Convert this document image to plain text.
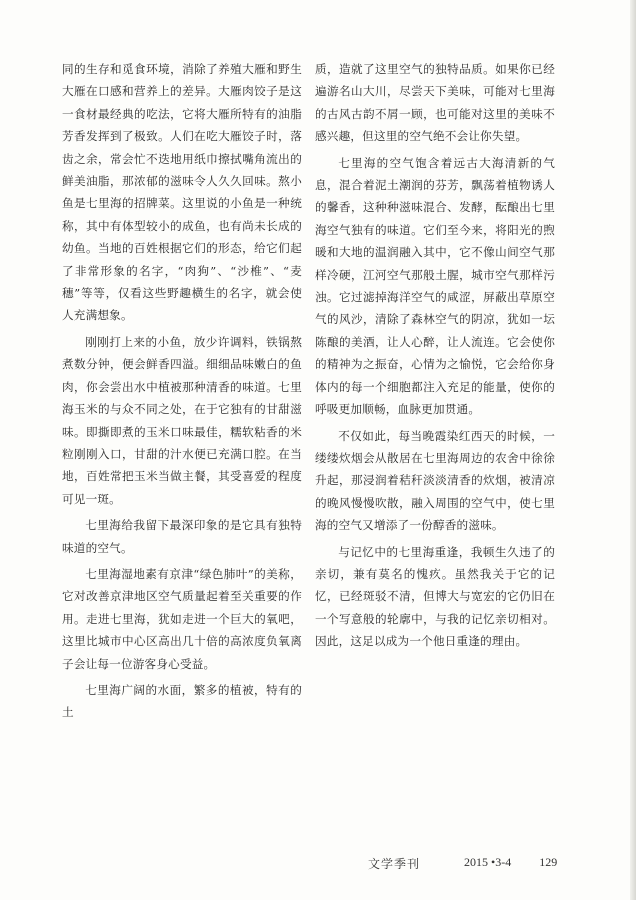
同的生存和觅食环境，消除了养殖大雁和野生大雁在口感和营养上的差异。大雁肉饺子是这一食材最经典的吃法，它将大雁所特有的油脂芳香发挥到了极致。人们在吃大雁饺子时，落齿之余，常会忙不迭地用纸巾擦拭嘴角流出的鲜美油脂，那浓郁的滋味令人久久回味。熬小鱼是七里海的招牌菜。这里说的小鱼是一种统称，其中有体型较小的成鱼，也有尚未长成的幼鱼。当地的百姓根据它们的形态，给它们起了非常形象的名字，“肉狗”、“沙椎”、“麦穗”等等，仅看这些野趣横生的名字，就会使人充满想象。

刚刚打上来的小鱼，放少许调料，铁锅熬煮数分钟，便会鲜香四溢。细细品味嫩白的鱼肉，你会尝出水中植被那种清香的味道。七里海玉米的与众不同之处，在于它独有的甘甜滋味。即撕即煮的玉米口味最佳，糯软粘香的米粒刚刚入口，甘甜的汁水便已充满口腔。在当地，百姓常把玉米当做主餐，其受喜爱的程度可见一斑。

七里海给我留下最深印象的是它具有独特味道的空气。

七里海湿地素有京津“绿色肺叶”的美称，它对改善京津地区空气质量起着至关重要的作用。走进七里海，犹如走进一个巨大的氧吧，这里比城市中心区高出几十倍的高浓度负氧离子会让每一位游客身心受益。

七里海广阔的水面，繁多的植被，特有的土

质，造就了这里空气的独特品质。如果你已经遍游名山大川，尽尝天下美味，可能对七里海的古风古韵不屑一顾，也可能对这里的美味不感兴趣，但这里的空气绝不会让你失望。

七里海的空气饱含着远古大海清新的气息，混合着泥土潮润的芬芳，飘荡着植物诱人的馨香，这种种滋味混合、发酵，酝酿出七里海空气独有的味道。它们至今来，将阳光的煦暖和大地的温润融入其中，它不像山间空气那样冷硬，江河空气那般土腥，城市空气那样污浊。它过滤掉海洋空气的咸涩，屏蔽出草原空气的风沙，清除了森林空气的阴凉，犹如一坛陈酿的美酒，让人心醉，让人流连。它会使你的精神为之振奋，心情为之愉悦，它会给你身体内的每一个细胞都注入充足的能量，使你的呼吸更加顺畅，血脉更加贯通。

不仅如此，每当晚霞染红西天的时候，一缕缕炊烟会从散居在七里海周边的农舍中徐徐升起，那浸润着秸秆淡淡清香的炊烟，被清凉的晚风慢慢吹散，融入周围的空气中，使七里海的空气又增添了一份醇香的滋味。

与记忆中的七里海重逢，我顿生久违了的亲切，兼有莫名的愧疚。虽然我关于它的记忆，已经斑驳不清，但博大与宽宏的它仍旧在一个写意般的轮廓中，与我的记忆亲切相对。因此，这足以成为一个他日重逢的理由。

文学季刊	2015 •3-4 129
